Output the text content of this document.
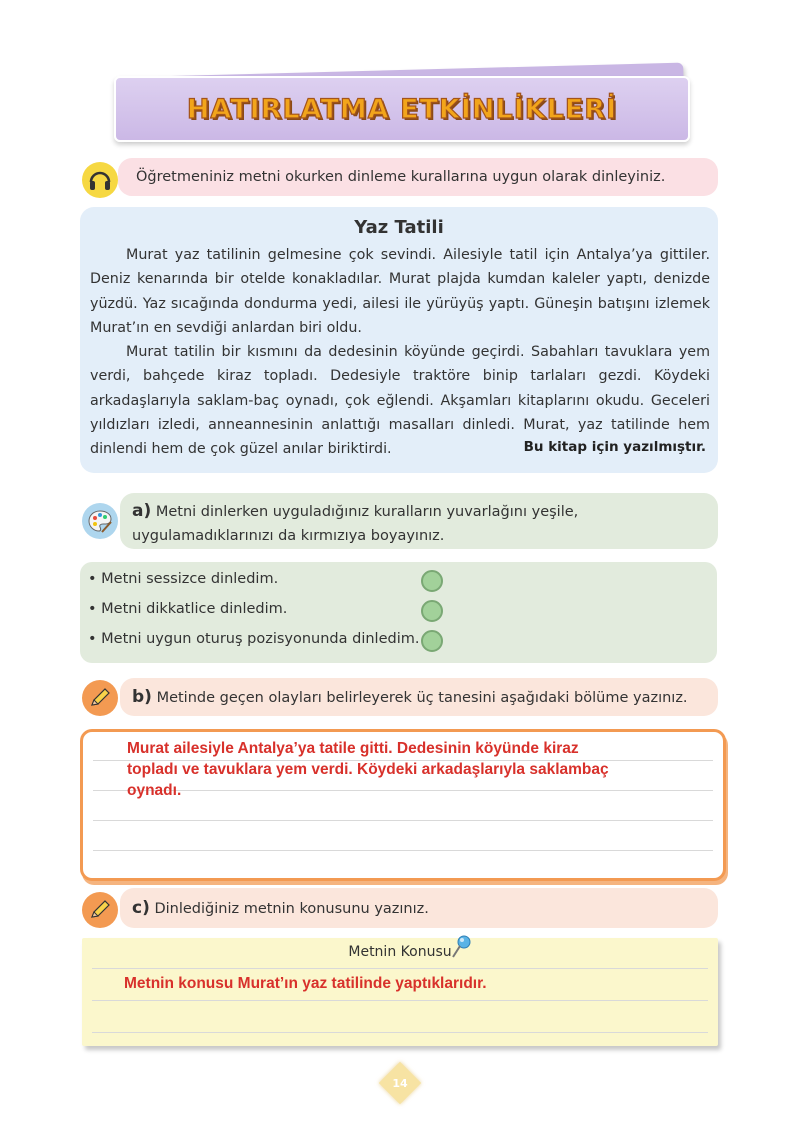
HATIRLATMA ETKİNLİKLERİ
Öğretmeniniz metni okurken dinleme kurallarına uygun olarak dinleyiniz.
Yaz Tatili

Murat yaz tatilinin gelmesine çok sevindi. Ailesiyle tatil için Antalya’ya gittiler. Deniz kenarında bir otelde konakladılar. Murat plajda kumdan kaleler yaptı, denizde yüzdü. Yaz sıcağında dondurma yedi, ailesi ile yürüyüş yaptı. Güneşin batışını izlemek Murat’ın en sevdiği anlardan biri oldu.

Murat tatilin bir kısmını da dedesinin köyünde geçirdi. Sabahları tavuklara yem verdi, bahçede kiraz topladı. Dedesiyle traktöre binip tarlaları gezdi. Köydeki arkadaşlarıyla saklam-baç oynadı, çok eğlendi. Akşamları kitaplarını okudu. Geceleri yıldızları izledi, anneannesinin anlattığı masalları dinledi. Murat, yaz tatilinde hem dinlendi hem de çok güzel anılar biriktirdi.	Bu kitap için yazılmıştır.
a) Metni dinlerken uyguladığınız kuralların yuvarlağını yeşile, uygulamadıklarınızı da kırmızıya boyayınız.
• Metni sessizce dinledim.
• Metni dikkatlice dinledim.
• Metni uygun oturuş pozisyonunda dinledim.
b) Metinde geçen olayları belirleyerek üç tanesini aşağıdaki bölüme yazınız.
Murat ailesiyle Antalya’ya tatile gitti. Dedesinin köyünde kiraz
topladı ve tavuklara yem verdi. Köydeki arkadaşlarıyla saklambaç
oynadı.
c) Dinlediğiniz metnin konusunu yazınız.
Metnin Konusu
Metnin konusu Murat’ın yaz tatilinde yaptıklarıdır.
14
